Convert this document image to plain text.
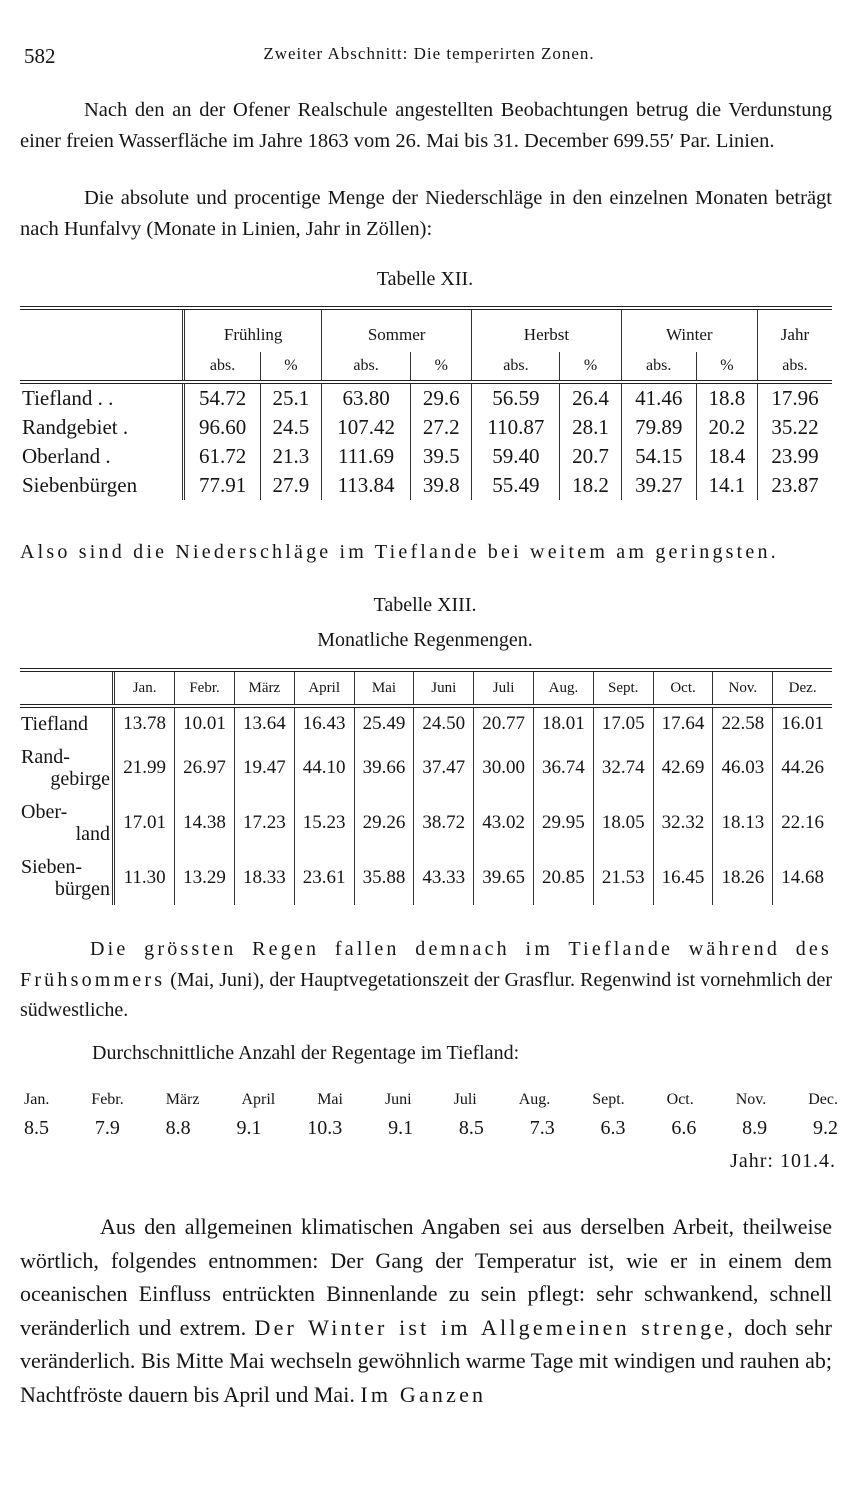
582	Zweiter Abschnitt: Die temperirten Zonen.

Nach den an der Ofener Realschule angestellten Beobachtungen betrug die Verdunstung einer freien Wasserfläche im Jahre 1863 vom 26. Mai bis 31. December 699.55′ Par. Linien.

Die absolute und procentige Menge der Niederschläge in den einzelnen Monaten beträgt nach Hunfalvy (Monate in Linien, Jahr in Zöllen):

Tabelle XII.
	Frühling		Sommer		Herbst		Winter		Jahr
	abs.	%	abs.	%	abs.	%	abs.	%	abs.
Tiefland . .	54.72	25.1	63.80	29.6	56.59	26.4	41.46	18.8	17.96
Randgebiet .	96.60	24.5	107.42	27.2	110.87	28.1	79.89	20.2	35.22
Oberland .	61.72	21.3	111.69	39.5	59.40	20.7	54.15	18.4	23.99
Siebenbürgen	77.91	27.9	113.84	39.8	55.49	18.2	39.27	14.1	23.87

Also sind die Niederschläge im Tieflande bei weitem am geringsten.

Tabelle XIII.
Monatliche Regenmengen.
	Jan.	Febr.	März	April	Mai	Juni	Juli	Aug.	Sept.	Oct.	Nov.	Dez.

Tiefland	13.78	10.01	13.64	16.43	25.49	24.50	20.77	18.01	17.05	17.64	22.58	16.01

Rand-
gebirge	21.99	26.97	19.47	44.10	39.66	37.47	30.00	36.74	32.74	42.69	46.03	44.26

Ober-
land	17.01	14.38	17.23	15.23	29.26	38.72	43.02	29.95	18.05	32.32	18.13	22.16

Sieben-
bürgen	11.30	13.29	18.33	23.61	35.88	43.33	39.65	20.85	21.53	16.45	18.26	14.68

Die grössten Regen fallen demnach im Tieflande während des Frühsommers (Mai, Juni), der Hauptvegetationszeit der Grasflur. Regenwind ist vornehmlich der südwestliche.

Durchschnittliche Anzahl der Regentage im Tiefland:
Jan.	Febr.	März	April	Mai	Juni	Juli	Aug.	Sept.	Oct.	Nov.	Dec.
8.5 7.9 8.8 9.1 10.3 9.1 8.5 7.3 6.3 6.6 8.9 9.2
Jahr: 101.4.

Aus den allgemeinen klimatischen Angaben sei aus derselben Arbeit, theilweise wörtlich, folgendes entnommen: Der Gang der Temperatur ist, wie er in einem dem oceanischen Einfluss entrückten Binnenlande zu sein pflegt: sehr schwankend, schnell veränderlich und extrem. Der Winter ist im Allgemeinen strenge, doch sehr veränderlich. Bis Mitte Mai wechseln gewöhnlich warme Tage mit windigen und rauhen ab; Nachtfröste dauern bis April und Mai. Im Ganzen
